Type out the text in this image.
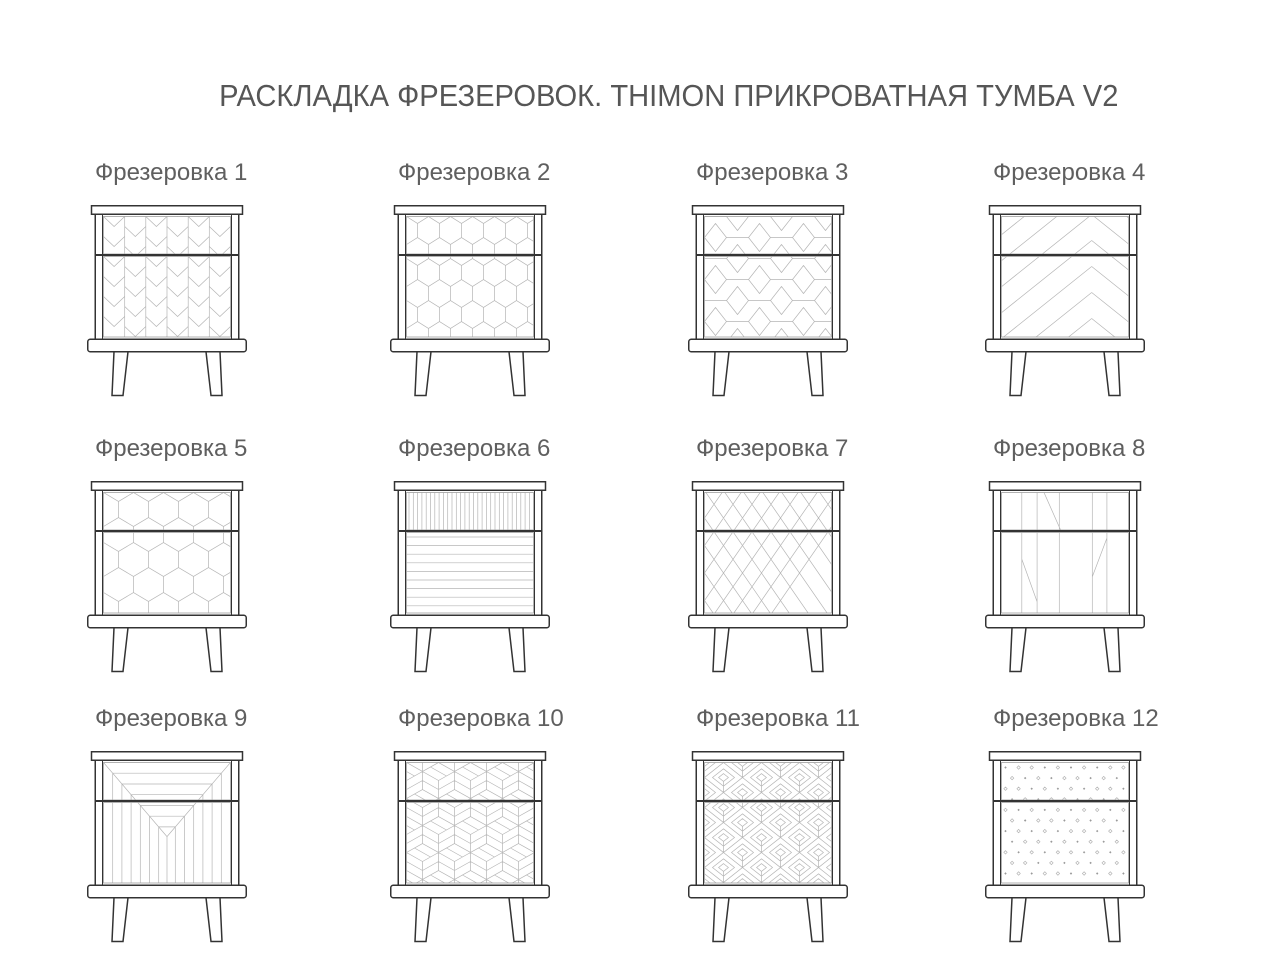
РАСКЛАДКА ФРЕЗЕРОВОК. THIMON ПРИКРОВАТНАЯ ТУМБА V2
Фрезеровка 1	Фрезеровка 2	Фрезеровка 3	Фрезеровка 4
Фрезеровка 5	Фрезеровка 6	Фрезеровка 7	Фрезеровка 8
Фрезеровка 9	Фрезеровка 10	Фрезеровка 11	Фрезеровка 12
